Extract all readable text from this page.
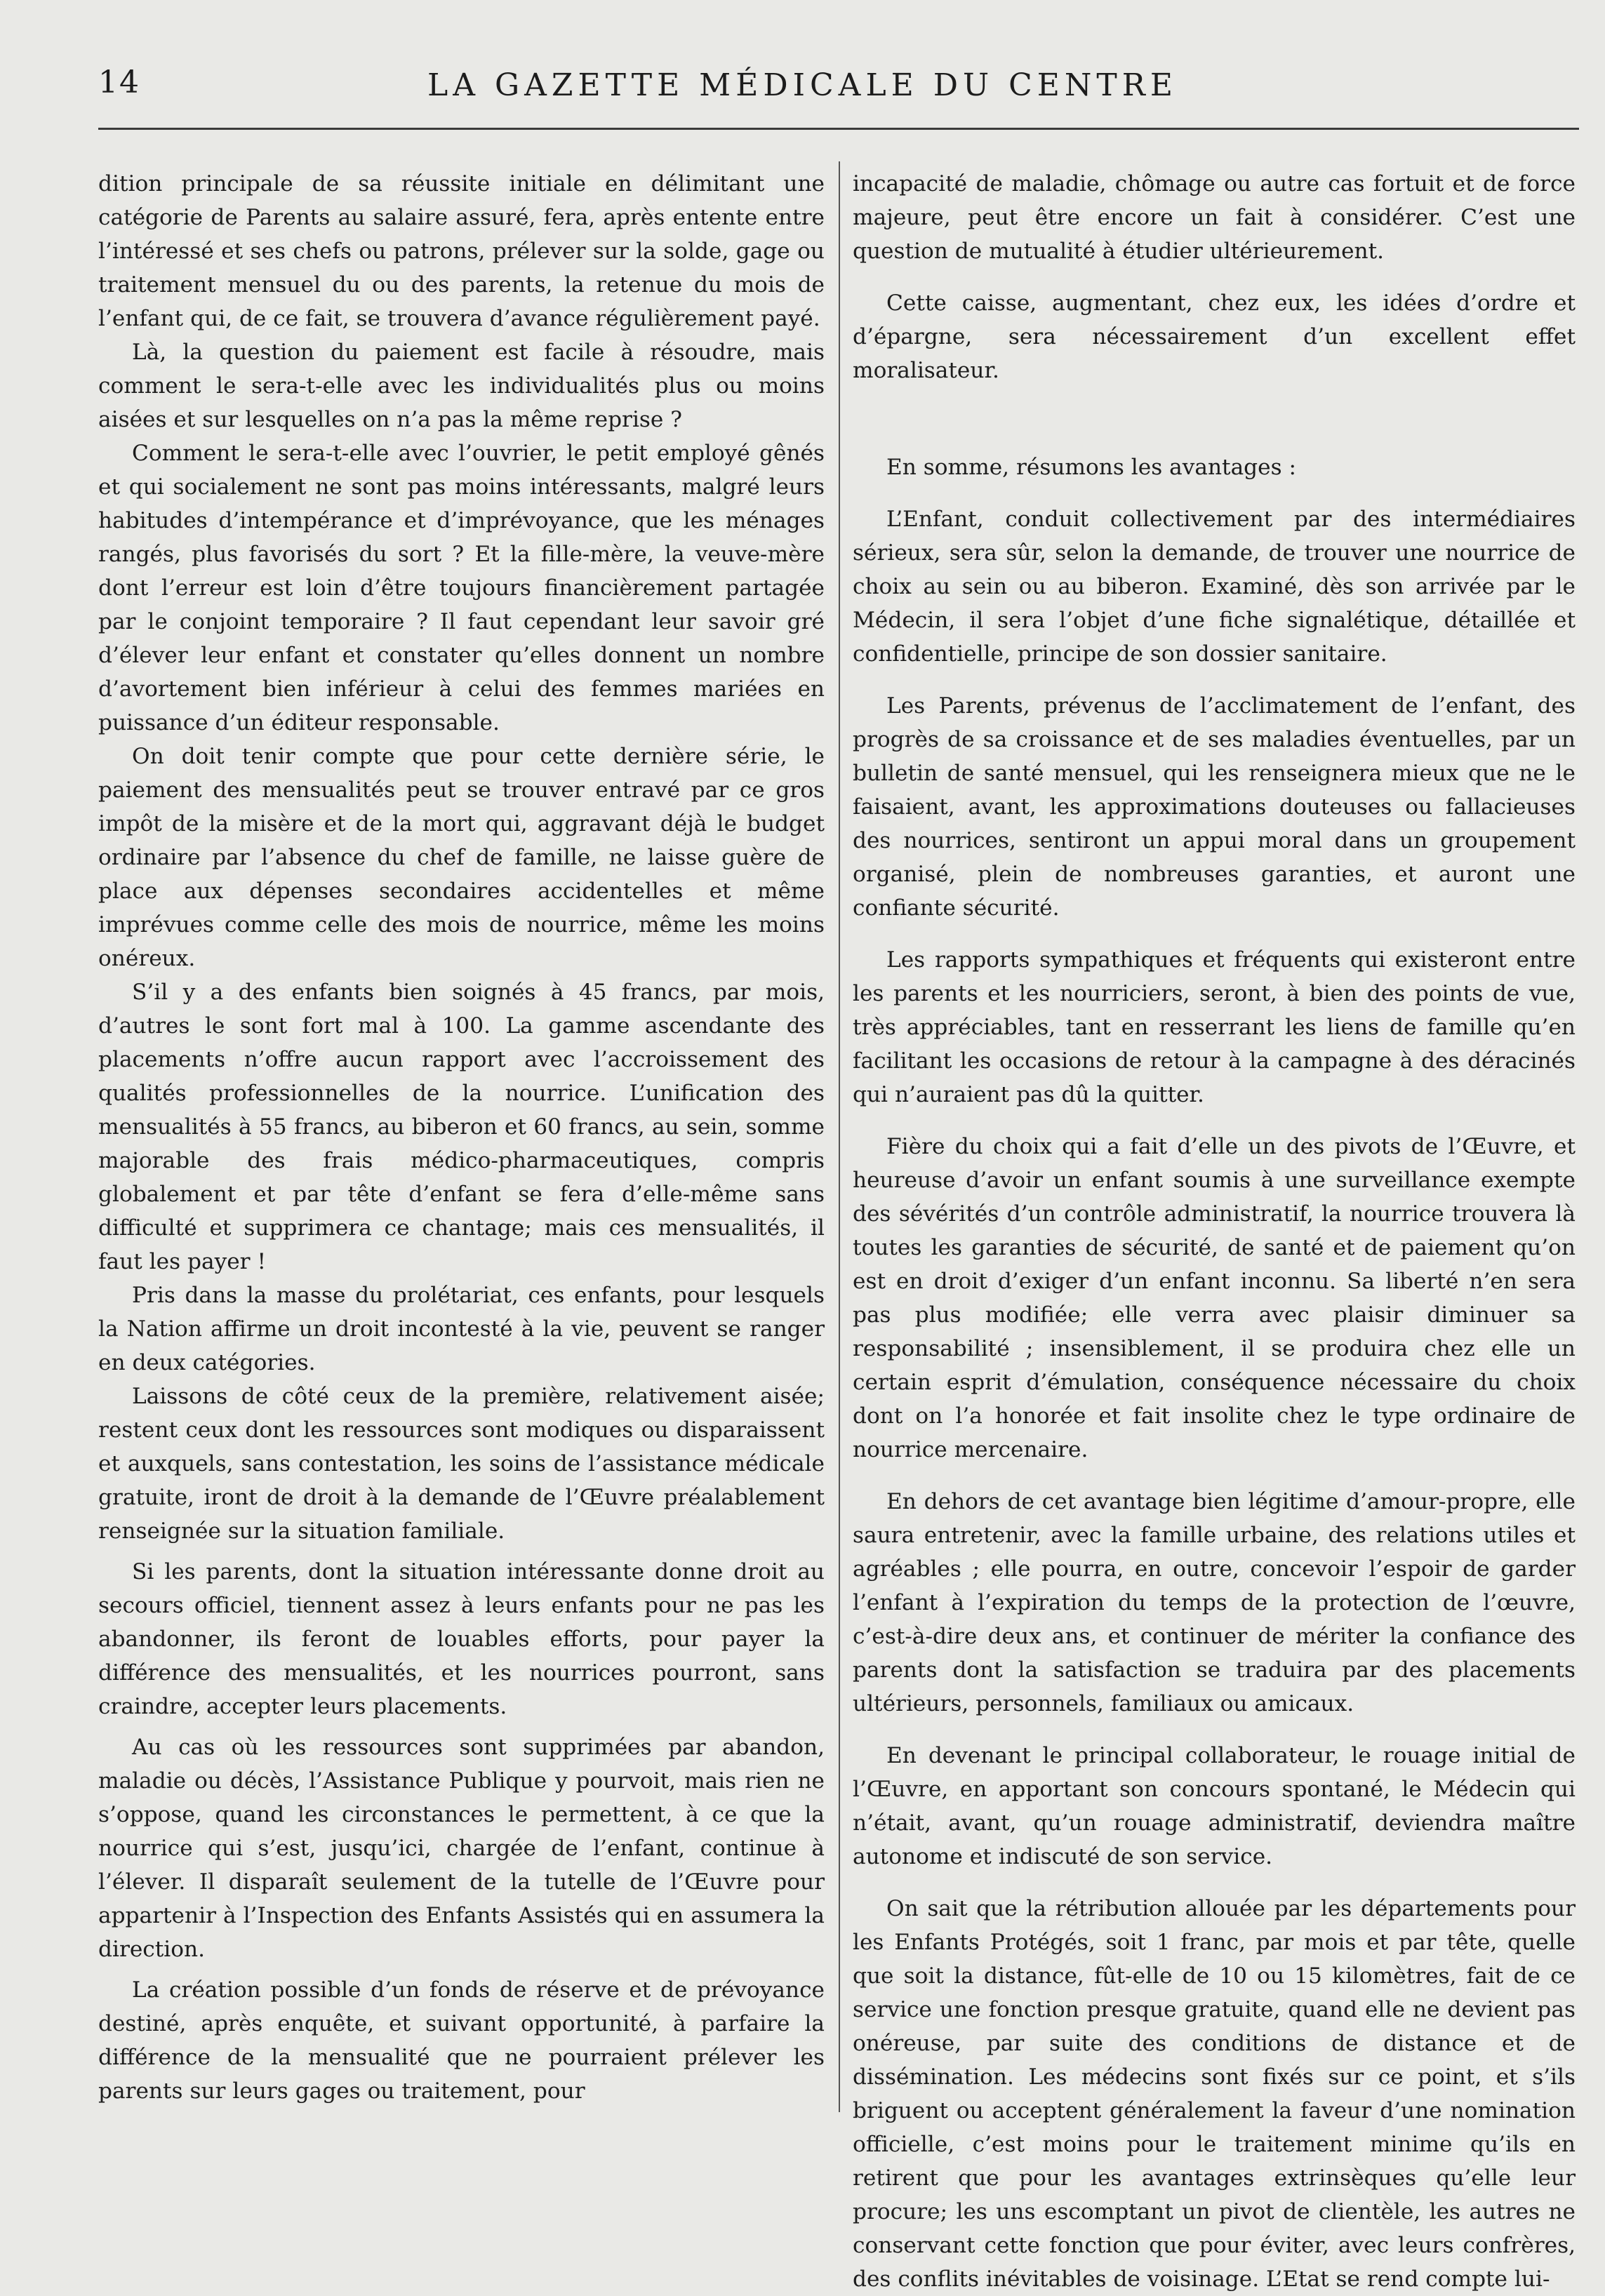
14	LA GAZETTE MÉDICALE DU CENTRE

dition principale de sa réussite initiale en délimitant une catégorie de Parents au salaire assuré, fera, après entente entre l’intéressé et ses chefs ou patrons, prélever sur la solde, gage ou traitement mensuel du ou des parents, la retenue du mois de l’enfant qui, de ce fait, se trouvera d’avance régulièrement payé.

Là, la question du paiement est facile à résoudre, mais comment le sera-t-elle avec les individualités plus ou moins aisées et sur lesquelles on n’a pas la même reprise ?

Comment le sera-t-elle avec l’ouvrier, le petit employé gênés et qui socialement ne sont pas moins intéressants, malgré leurs habitudes d’intempérance et d’imprévoyance, que les ménages rangés, plus favorisés du sort ? Et la fille-mère, la veuve-mère dont l’erreur est loin d’être toujours financièrement partagée par le conjoint temporaire ? Il faut cependant leur savoir gré d’élever leur enfant et constater qu’elles donnent un nombre d’avortement bien inférieur à celui des femmes mariées en puissance d’un éditeur responsable.

On doit tenir compte que pour cette dernière série, le paiement des mensualités peut se trouver entravé par ce gros impôt de la misère et de la mort qui, aggravant déjà le budget ordinaire par l’absence du chef de famille, ne laisse guère de place aux dépenses secondaires accidentelles et même imprévues comme celle des mois de nourrice, même les moins onéreux.

S’il y a des enfants bien soignés à 45 francs, par mois, d’autres le sont fort mal à 100. La gamme ascendante des placements n’offre aucun rapport avec l’accroissement des qualités professionnelles de la nourrice. L’unification des mensualités à 55 francs, au biberon et 60 francs, au sein, somme majorable des frais médico-pharmaceutiques, compris globalement et par tête d’enfant se fera d’elle-même sans difficulté et supprimera ce chantage; mais ces mensualités, il faut les payer !

Pris dans la masse du prolétariat, ces enfants, pour lesquels la Nation affirme un droit incontesté à la vie, peuvent se ranger en deux catégories.

Laissons de côté ceux de la première, relativement aisée; restent ceux dont les ressources sont modiques ou disparaissent et auxquels, sans contestation, les soins de l’assistance médicale gratuite, iront de droit à la demande de l’Œuvre préalablement renseignée sur la situation familiale.

Si les parents, dont la situation intéressante donne droit au secours officiel, tiennent assez à leurs enfants pour ne pas les abandonner, ils feront de louables efforts, pour payer la différence des mensualités, et les nourrices pourront, sans craindre, accepter leurs placements.

Au cas où les ressources sont supprimées par abandon, maladie ou décès, l’Assistance Publique y pourvoit, mais rien ne s’oppose, quand les circonstances le permettent, à ce que la nourrice qui s’est, jusqu’ici, chargée de l’enfant, continue à l’élever. Il disparaît seulement de la tutelle de l’Œuvre pour appartenir à l’Inspection des Enfants Assistés qui en assumera la direction.

La création possible d’un fonds de réserve et de prévoyance destiné, après enquête, et suivant opportunité, à parfaire la différence de la mensualité que ne pourraient prélever les parents sur leurs gages ou traitement, pour

incapacité de maladie, chômage ou autre cas fortuit et de force majeure, peut être encore un fait à considérer. C’est une question de mutualité à étudier ultérieurement.

Cette caisse, augmentant, chez eux, les idées d’ordre et d’épargne, sera nécessairement d’un excellent effet moralisateur.

En somme, résumons les avantages :

L’Enfant, conduit collectivement par des intermédiaires sérieux, sera sûr, selon la demande, de trouver une nourrice de choix au sein ou au biberon. Examiné, dès son arrivée par le Médecin, il sera l’objet d’une fiche signalétique, détaillée et confidentielle, principe de son dossier sanitaire.

Les Parents, prévenus de l’acclimatement de l’enfant, des progrès de sa croissance et de ses maladies éventuelles, par un bulletin de santé mensuel, qui les renseignera mieux que ne le faisaient, avant, les approximations douteuses ou fallacieuses des nourrices, sentiront un appui moral dans un groupement organisé, plein de nombreuses garanties, et auront une confiante sécurité.

Les rapports sympathiques et fréquents qui existeront entre les parents et les nourriciers, seront, à bien des points de vue, très appréciables, tant en resserrant les liens de famille qu’en facilitant les occasions de retour à la campagne à des déracinés qui n’auraient pas dû la quitter.

Fière du choix qui a fait d’elle un des pivots de l’Œuvre, et heureuse d’avoir un enfant soumis à une surveillance exempte des sévérités d’un contrôle administratif, la nourrice trouvera là toutes les garanties de sécurité, de santé et de paiement qu’on est en droit d’exiger d’un enfant inconnu. Sa liberté n’en sera pas plus modifiée; elle verra avec plaisir diminuer sa responsabilité ; insensiblement, il se produira chez elle un certain esprit d’émulation, conséquence nécessaire du choix dont on l’a honorée et fait insolite chez le type ordinaire de nourrice mercenaire.

En dehors de cet avantage bien légitime d’amour-propre, elle saura entretenir, avec la famille urbaine, des relations utiles et agréables ; elle pourra, en outre, concevoir l’espoir de garder l’enfant à l’expiration du temps de la protection de l’œuvre, c’est-à-dire deux ans, et continuer de mériter la confiance des parents dont la satisfaction se traduira par des placements ultérieurs, personnels, familiaux ou amicaux.

En devenant le principal collaborateur, le rouage initial de l’Œuvre, en apportant son concours spontané, le Médecin qui n’était, avant, qu’un rouage administratif, deviendra maître autonome et indiscuté de son service.

On sait que la rétribution allouée par les départements pour les Enfants Protégés, soit 1 franc, par mois et par tête, quelle que soit la distance, fût-elle de 10 ou 15 kilomètres, fait de ce service une fonction presque gratuite, quand elle ne devient pas onéreuse, par suite des conditions de distance et de dissémination. Les médecins sont fixés sur ce point, et s’ils briguent ou acceptent généralement la faveur d’une nomination officielle, c’est moins pour le traitement minime qu’ils en retirent que pour les avantages extrinsèques qu’elle leur procure; les uns escomptant un pivot de clientèle, les autres ne conservant cette fonction que pour éviter, avec leurs confrères, des conflits inévitables de voisinage. L’Etat se rend compte lui-
